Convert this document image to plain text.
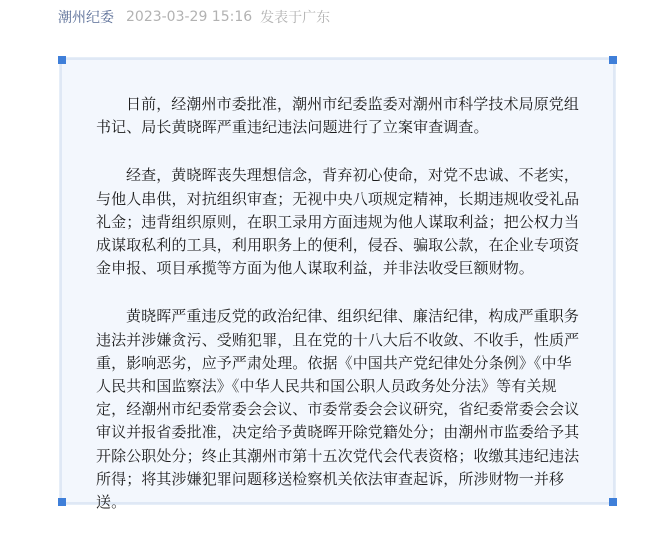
潮州纪委 2023-03-29 15:16 发表于广东

日前，经潮州市委批准，潮州市纪委监委对潮州市科学技术局原党组书记、局长黄晓晖严重违纪违法问题进行了立案审查调查。

经查，黄晓晖丧失理想信念，背弃初心使命，对党不忠诚、不老实，与他人串供，对抗组织审查；无视中央八项规定精神，长期违规收受礼品礼金；违背组织原则，在职工录用方面违规为他人谋取利益；把公权力当成谋取私利的工具，利用职务上的便利，侵吞、骗取公款，在企业专项资金申报、项目承揽等方面为他人谋取利益，并非法收受巨额财物。

黄晓晖严重违反党的政治纪律、组织纪律、廉洁纪律，构成严重职务违法并涉嫌贪污、受贿犯罪，且在党的十八大后不收敛、不收手，性质严重，影响恶劣，应予严肃处理。依据《中国共产党纪律处分条例》《中华人民共和国监察法》《中华人民共和国公职人员政务处分法》等有关规定，经潮州市纪委常委会会议、市委常委会会议研究，省纪委常委会会议审议并报省委批准，决定给予黄晓晖开除党籍处分；由潮州市监委给予其开除公职处分；终止其潮州市第十五次党代会代表资格；收缴其违纪违法所得；将其涉嫌犯罪问题移送检察机关依法审查起诉，所涉财物一并移送。
